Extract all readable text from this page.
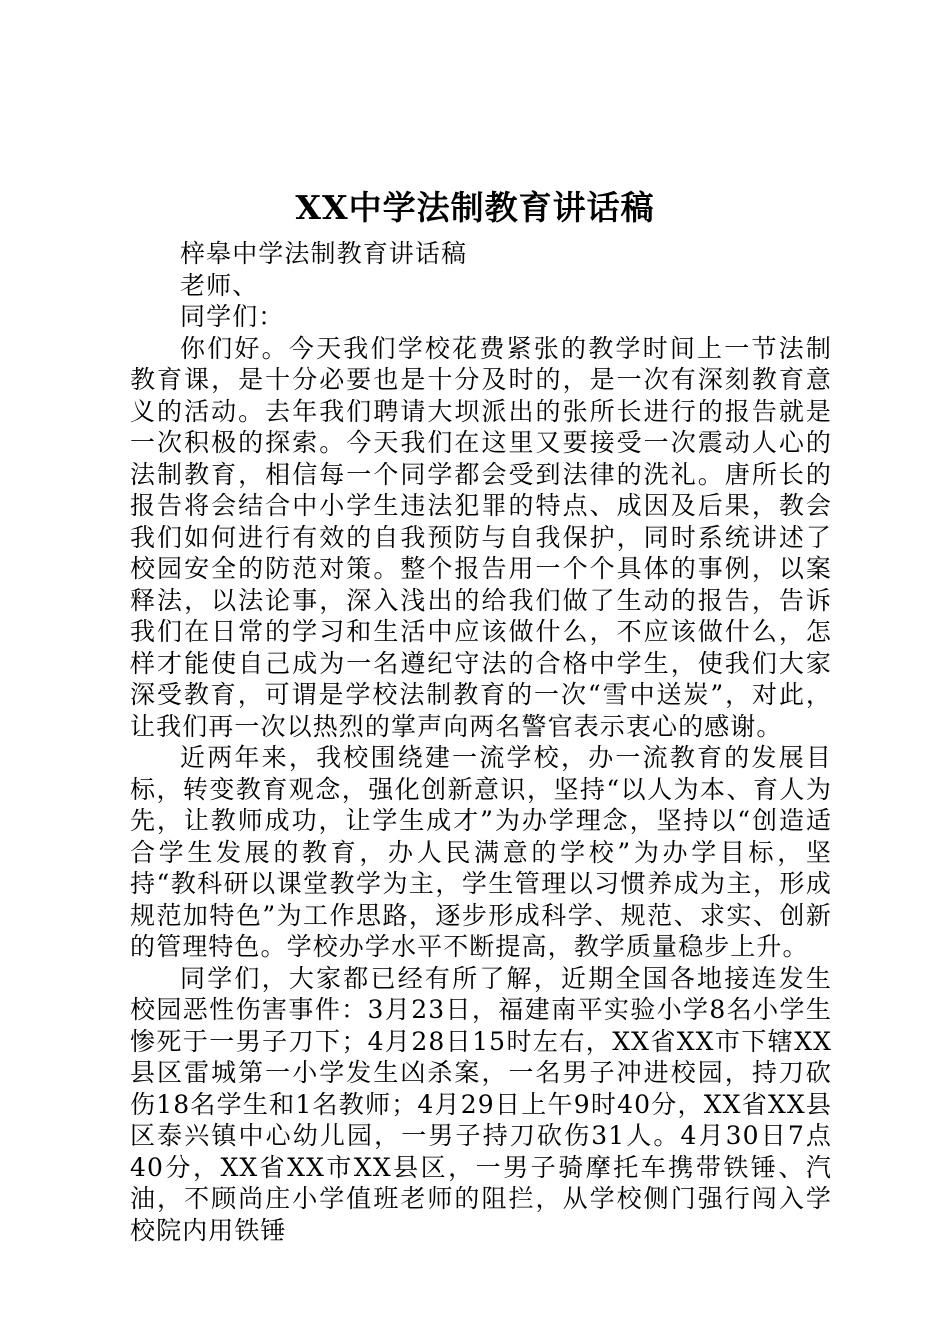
XX中学法制教育讲话稿

梓皋中学法制教育讲话稿

老师、

同学们：

你们好。今天我们学校花费紧张的教学时间上一节法制教育课，是十分必要也是十分及时的，是一次有深刻教育意义的活动。去年我们聘请大坝派出的张所长进行的报告就是一次积极的探索。今天我们在这里又要接受一次震动人心的法制教育，相信每一个同学都会受到法律的洗礼。唐所长的报告将会结合中小学生违法犯罪的特点、成因及后果，教会我们如何进行有效的自我预防与自我保护，同时系统讲述了校园安全的防范对策。整个报告用一个个具体的事例，以案释法，以法论事，深入浅出的给我们做了生动的报告，告诉我们在日常的学习和生活中应该做什么，不应该做什么，怎样才能使自己成为一名遵纪守法的合格中学生，使我们大家深受教育，可谓是学校法制教育的一次“雪中送炭”，对此，让我们再一次以热烈的掌声向两名警官表示衷心的感谢。

近两年来，我校围绕建一流学校，办一流教育的发展目标，转变教育观念，强化创新意识，坚持“以人为本、育人为先，让教师成功，让学生成才”为办学理念，坚持以“创造适合学生发展的教育，办人民满意的学校”为办学目标，坚持“教科研以课堂教学为主，学生管理以习惯养成为主，形成规范加特色”为工作思路，逐步形成科学、规范、求实、创新的管理特色。学校办学水平不断提高，教学质量稳步上升。

同学们，大家都已经有所了解，近期全国各地接连发生校园恶性伤害事件：3月23日，福建南平实验小学8名小学生惨死于一男子刀下；4月28日15时左右，XX省XX市下辖XX县区雷城第一小学发生凶杀案，一名男子冲进校园，持刀砍伤18名学生和1名教师；4月29日上午9时40分，XX省XX县区泰兴镇中心幼儿园，一男子持刀砍伤31人。4月30日7点40分，XX省XX市XX县区，一男子骑摩托车携带铁锤、汽油，不顾尚庄小学值班老师的阻拦，从学校侧门强行闯入学校院内用铁锤
